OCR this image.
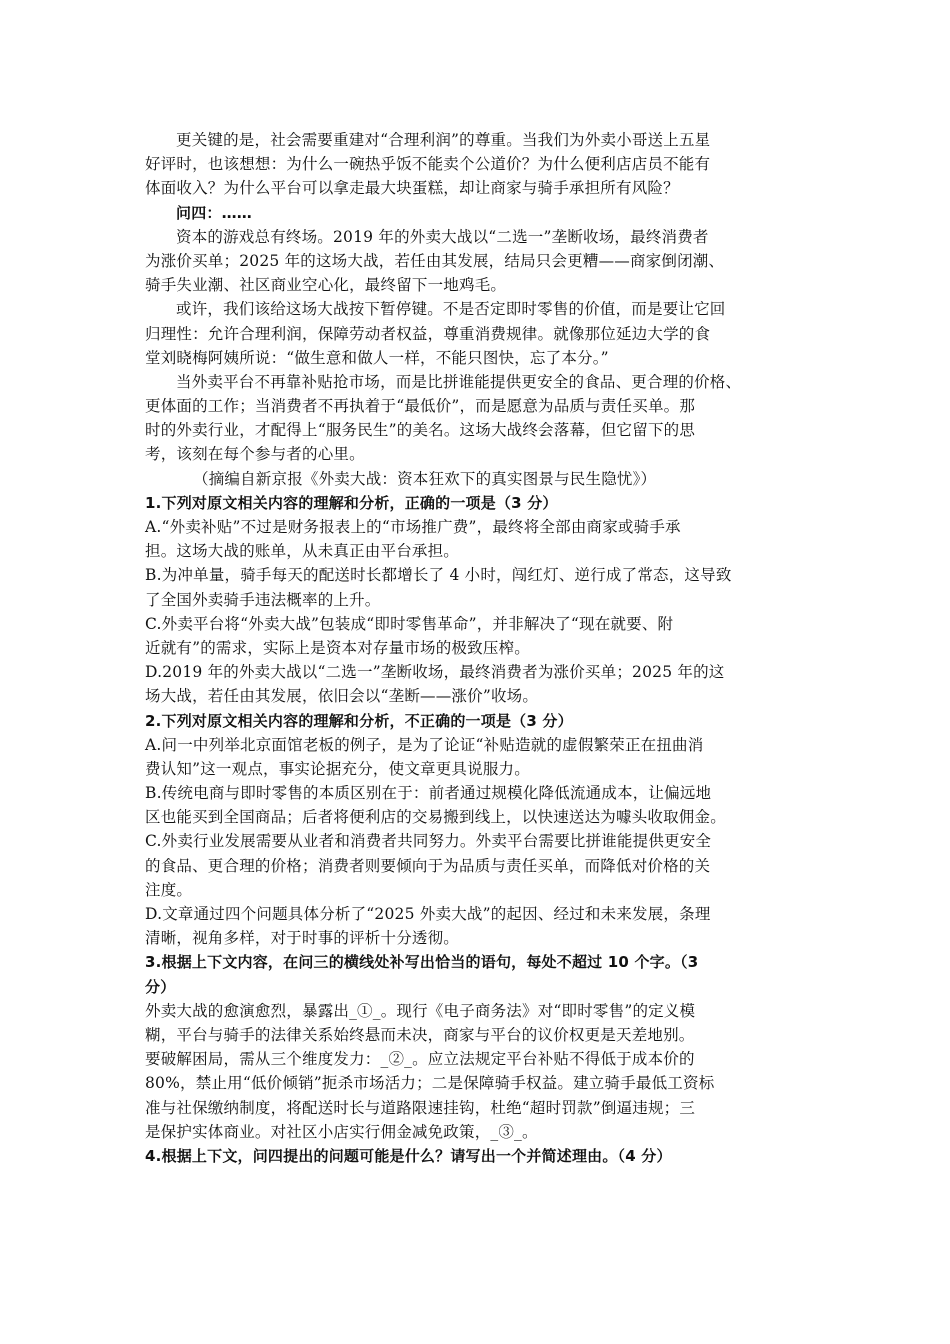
更关键的是，社会需要重建对“合理利润”的尊重。当我们为外卖小哥送上五星
好评时，也该想想：为什么一碗热乎饭不能卖个公道价？为什么便利店店员不能有
体面收入？为什么平台可以拿走最大块蛋糕，却让商家与骑手承担所有风险？
问四：……
资本的游戏总有终场。2019 年的外卖大战以“二选一”垄断收场，最终消费者
为涨价买单；2025 年的这场大战，若任由其发展，结局只会更糟——商家倒闭潮、
骑手失业潮、社区商业空心化，最终留下一地鸡毛。
或许，我们该给这场大战按下暂停键。不是否定即时零售的价值，而是要让它回
归理性：允许合理利润，保障劳动者权益，尊重消费规律。就像那位延边大学的食
堂刘晓梅阿姨所说：“做生意和做人一样，不能只图快，忘了本分。”
当外卖平台不再靠补贴抢市场，而是比拼谁能提供更安全的食品、更合理的价格、
更体面的工作；当消费者不再执着于“最低价”，而是愿意为品质与责任买单。那
时的外卖行业，才配得上“服务民生”的美名。这场大战终会落幕，但它留下的思
考，该刻在每个参与者的心里。
（摘编自新京报《外卖大战：资本狂欢下的真实图景与民生隐忧》）
1.下列对原文相关内容的理解和分析，正确的一项是（3 分）
A.“外卖补贴”不过是财务报表上的“市场推广费”，最终将全部由商家或骑手承
担。这场大战的账单，从未真正由平台承担。
B.为冲单量，骑手每天的配送时长都增长了 4 小时，闯红灯、逆行成了常态，这导致
了全国外卖骑手违法概率的上升。
C.外卖平台将“外卖大战”包装成“即时零售革命”，并非解决了“现在就要、附
近就有”的需求，实际上是资本对存量市场的极致压榨。
D.2019 年的外卖大战以“二选一”垄断收场，最终消费者为涨价买单；2025 年的这
场大战，若任由其发展，依旧会以“垄断——涨价”收场。
2.下列对原文相关内容的理解和分析，不正确的一项是（3 分）
A.问一中列举北京面馆老板的例子，是为了论证“补贴造就的虚假繁荣正在扭曲消
费认知”这一观点，事实论据充分，使文章更具说服力。
B.传统电商与即时零售的本质区别在于：前者通过规模化降低流通成本，让偏远地
区也能买到全国商品；后者将便利店的交易搬到线上，以快速送达为噱头收取佣金。
C.外卖行业发展需要从业者和消费者共同努力。外卖平台需要比拼谁能提供更安全
的食品、更合理的价格；消费者则要倾向于为品质与责任买单，而降低对价格的关
注度。
D.文章通过四个问题具体分析了“2025 外卖大战”的起因、经过和未来发展，条理
清晰，视角多样，对于时事的评析十分透彻。
3.根据上下文内容，在问三的横线处补写出恰当的语句，每处不超过 10 个字。（3
分）
外卖大战的愈演愈烈，暴露出_①_。现行《电子商务法》对“即时零售”的定义模
糊，平台与骑手的法律关系始终悬而未决，商家与平台的议价权更是天差地别。
要破解困局，需从三个维度发力：_②_。应立法规定平台补贴不得低于成本价的
80%，禁止用“低价倾销”扼杀市场活力；二是保障骑手权益。建立骑手最低工资标
准与社保缴纳制度，将配送时长与道路限速挂钩，杜绝“超时罚款”倒逼违规；三
是保护实体商业。对社区小店实行佣金减免政策，_③_。
4.根据上下文，问四提出的问题可能是什么？请写出一个并简述理由。（4 分）
